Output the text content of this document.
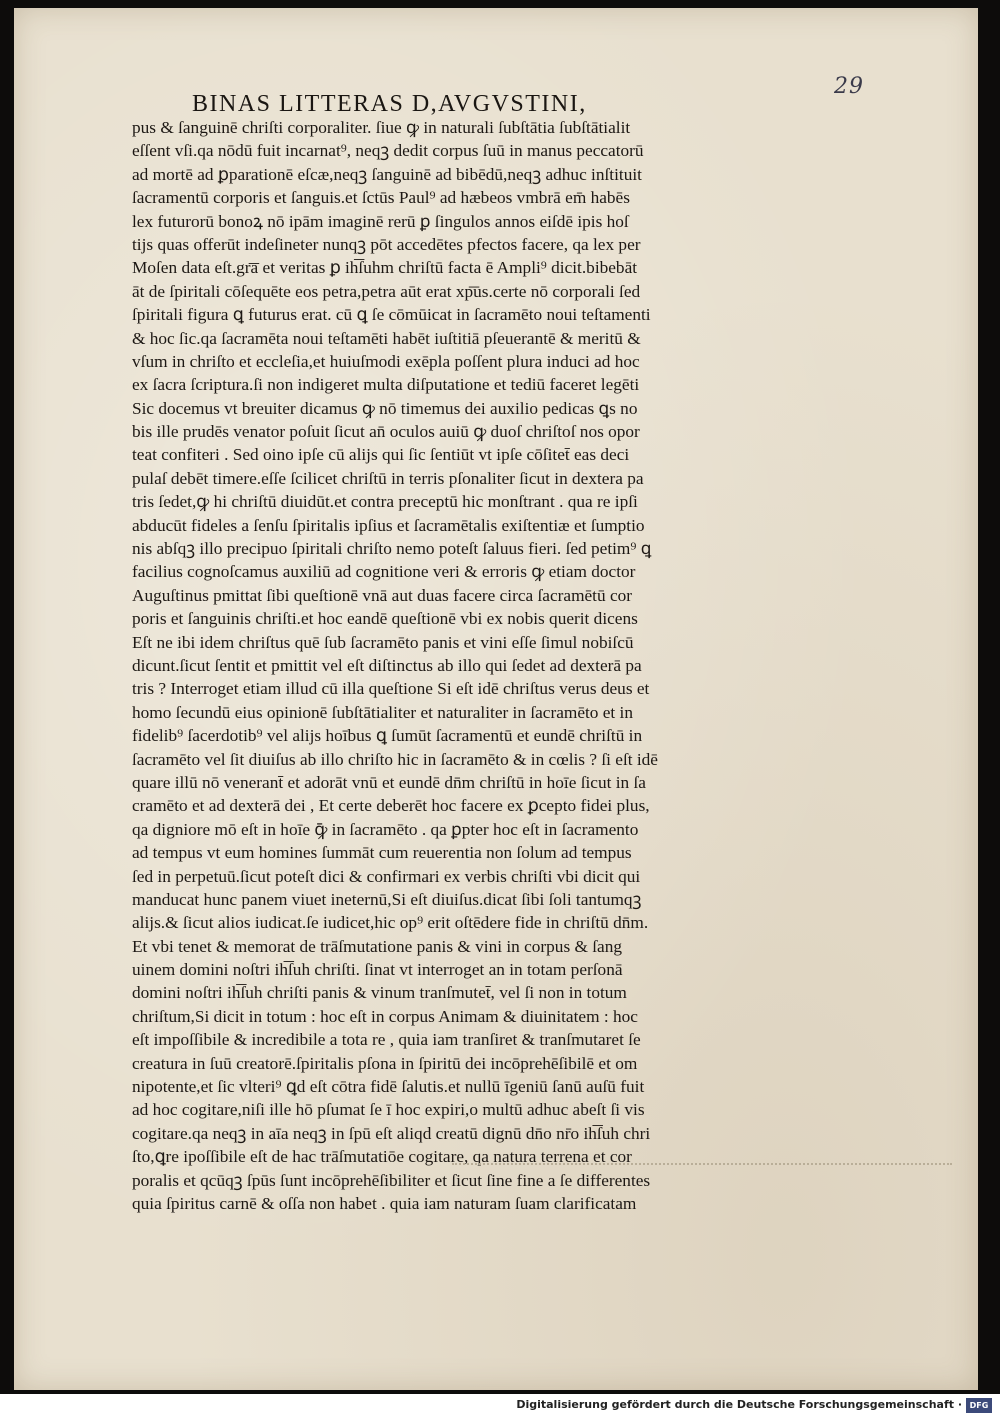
29
BINAS LITTERAS D,AVGVSTINI,
pus & ſanguinē chriſti corporaliter. ſiue ꝙ in naturali ſubſtātia ſubſtātialit
eſſent vſi.qa nōdū fuit incarnat⁹, neqꝫ dedit corpus ſuū in manus peccatorū
ad mortē ad ꝑparationē eſcæ,neqꝫ ſanguinē ad bibēdū,neqꝫ adhuc inſtituit
ſacramentū corporis et ſanguis.et ſctūs Paul⁹ ad hæbeos vmbrā em̄ habēs
lex futurorū bonoꝝ nō ipām imaginē rerū ꝑ ſingulos annos eiſdē ipis hoſ
tijs quas offerūt indeſineter nunqꝫ pōt accedētes pfectos facere, qa lex per
Moſen data eſt.gr͞a et veritas ꝑ ih͞ſuhm chriſtū facta ē Ampli⁹ dicit.bibebāt
āt de ſpiritali cōſequēte eos petra,petra aūt erat xp͞us.certe nō corporali ſed
ſpiritali figura ꝗ futurus erat. cū ꝗ ſe cōmūicat in ſacramēto noui teſtamenti
& hoc ſic.qa ſacramēta noui teſtamēti habēt iuſtitiā pſeuerantē & meritū &
vſum in chriſto et eccleſia,et huiuſmodi exēpla poſſent plura induci ad hoc
ex ſacra ſcriptura.ſi non indigeret multa diſputatione et tediū faceret legēti
Sic docemus vt breuiter dicamus ꝙ nō timemus dei auxilio pedicas ꝗs no
bis ille prudēs venator poſuit ſicut an̄ oculos auiū ꝙ duoſ chriſtoſ nos opor
teat confiteri . Sed oino ipſe cū alijs qui ſic ſentiūt vt ipſe cōſitet̄ eas deci
pulaſ debēt timere.eſſe ſcilicet chriſtū in terris pſonaliter ſicut in dextera pa
tris ſedet,ꝙ hi chriſtū diuidūt.et contra preceptū hic monſtrant . qua re ipſi
abducūt fideles a ſenſu ſpiritalis ipſius et ſacramētalis exiſtentiæ et ſumptio
nis abſqꝫ illo precipuo ſpiritali chriſto nemo poteſt ſaluus fieri. ſed petim⁹ ꝗ
facilius cognoſcamus auxiliū ad cognitione veri & erroris ꝙ etiam doctor
Auguſtinus pmittat ſibi queſtionē vnā aut duas facere circa ſacramētū cor
poris et ſanguinis chriſti.et hoc eandē queſtionē vbi ex nobis querit dicens
Eſt ne ibi idem chriſtus quē ſub ſacramēto panis et vini eſſe ſimul nobiſcū
dicunt.ſicut ſentit et pmittit vel eſt diſtinctus ab illo qui ſedet ad dexterā pa
tris ? Interroget etiam illud cū illa queſtione Si eſt idē chriſtus verus deus et
homo ſecundū eius opinionē ſubſtātialiter et naturaliter in ſacramēto et in
fidelib⁹ ſacerdotib⁹ vel alijs hoībus ꝗ ſumūt ſacramentū et eundē chriſtū in
ſacramēto vel ſit diuiſus ab illo chriſto hic in ſacramēto & in cœlis ? ſi eſt idē
quare illū nō venerant̄ et adorāt vnū et eundē dn̄m chriſtū in hoīe ſicut in ſa
cramēto et ad dexterā dei , Et certe deberēt hoc facere ex ꝑcepto fidei plus,
qa digniore mō eſt in hoīe ꝙ̄ in ſacramēto . qa ꝑpter hoc eſt in ſacramento
ad tempus vt eum homines ſummāt cum reuerentia non ſolum ad tempus
ſed in perpetuū.ſicut poteſt dici & confirmari ex verbis chriſti vbi dicit qui
manducat hunc panem viuet ineternū,Si eſt diuiſus.dicat ſibi ſoli tantumqꝫ
alijs.& ſicut alios iudicat.ſe iudicet,hic op⁹ erit oſtēdere fide in chriſtū dn̄m.
Et vbi tenet & memorat de trāſmutatione panis & vini in corpus & ſang
uinem domini noſtri ih͞ſuh chriſti. ſinat vt interroget an in totam perſonā
domini noſtri ih͞ſuh chriſti panis & vinum tranſmutet̄, vel ſi non in totum
chriſtum,Si dicit in totum : hoc eſt in corpus Animam & diuinitatem : hoc
eſt impoſſibile & incredibile a tota re , quia iam tranſiret & tranſmutaret ſe
creatura in ſuū creatorē.ſpiritalis pſona in ſpiritū dei incōprehēſibilē et om
nipotente,et ſic vlteri⁹ ꝗd eſt cōtra fidē ſalutis.et nullū īgeniū ſanū auſū fuit
ad hoc cogitare,niſi ille hō pſumat ſe ī hoc expiri,o multū adhuc abeſt ſi vis
cogitare.qa neqꝫ in aīa neqꝫ in ſpū eſt aliqd creatū dignū dn̄o nr̄o ih͞ſuh chri
ſto,ꝗre ipoſſibile eſt de hac trāſmutatiōe cogitare, qa natura terrena et cor
poralis et qcūqꝫ ſpūs ſunt incōprehēſibiliter et ſicut ſine fine a ſe differentes
quia ſpiritus carnē & oſſa non habet . quia iam naturam ſuam clarificatam
Digitalisierung gefördert durch die Deutsche Forschungsgemeinschaft · DFG
